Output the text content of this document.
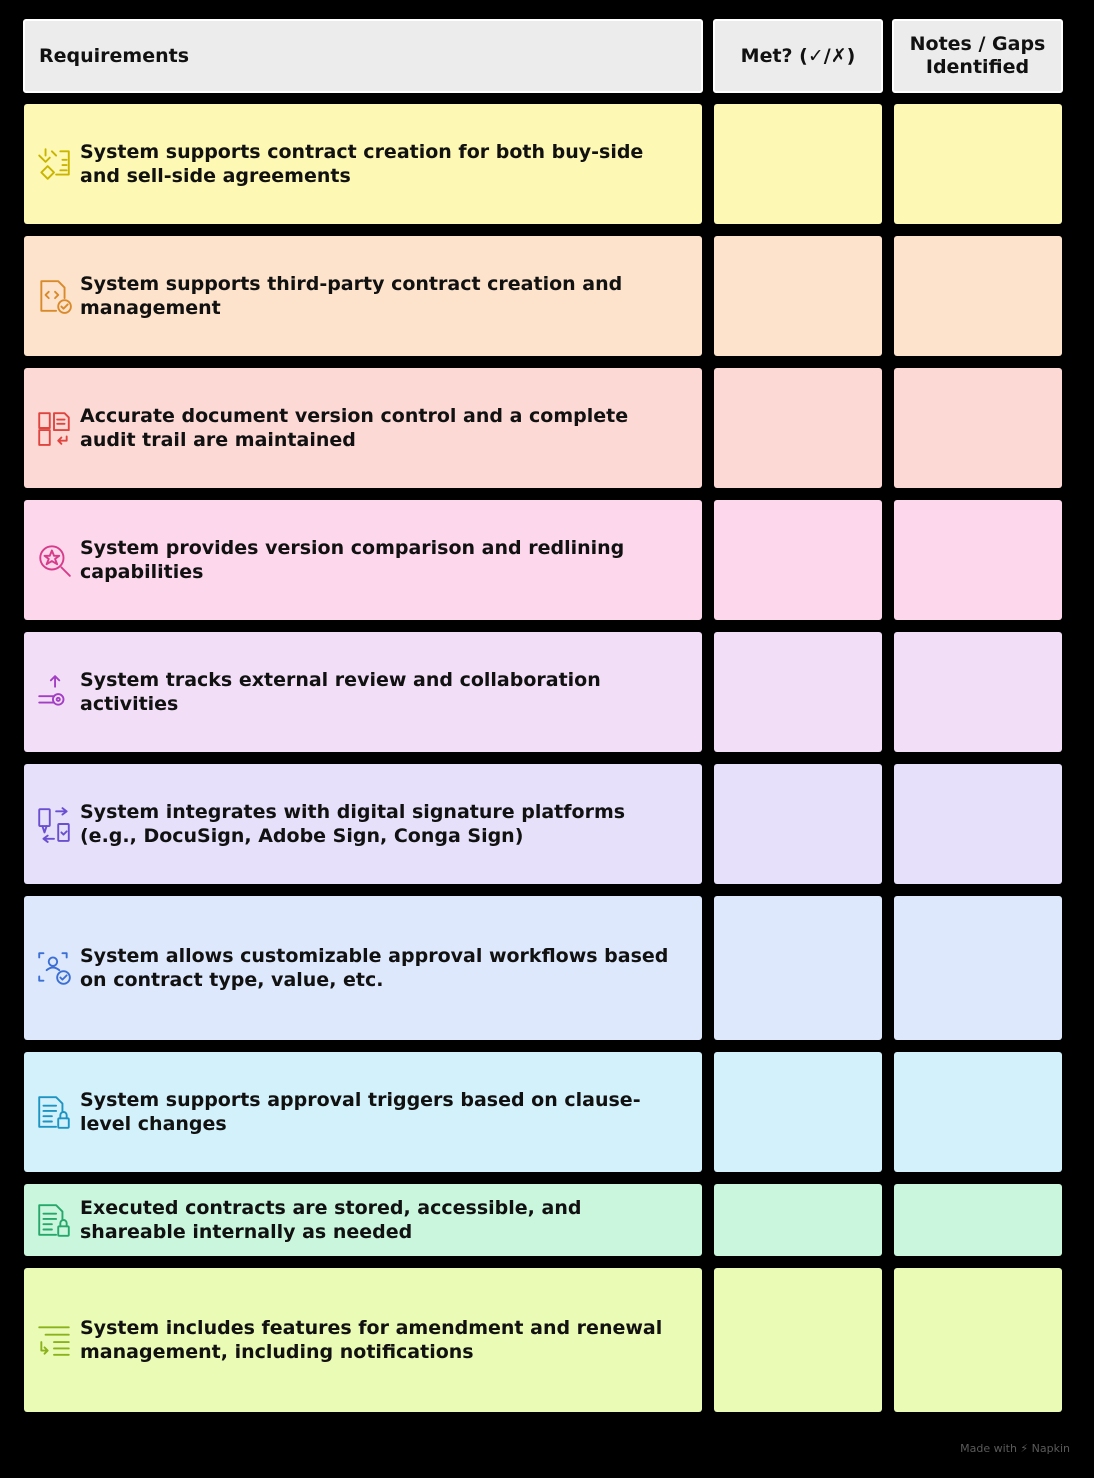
Requirements	Met? (✓/✗)
Notes / Gaps
Identified
System supports contract creation for both buy-side and sell-side agreements
System supports third-party contract creation and management
Accurate document version control and a complete audit trail are maintained
System provides version comparison and redlining capabilities
System tracks external review and collaboration activities
System integrates with digital signature platforms (e.g., DocuSign, Adobe Sign, Conga Sign)
System allows customizable approval workflows based on contract type, value, etc.
System supports approval triggers based on clause-level changes
Executed contracts are stored, accessible, and shareable internally as needed
System includes features for amendment and renewal management, including notifications
Made with ⚡ Napkin
